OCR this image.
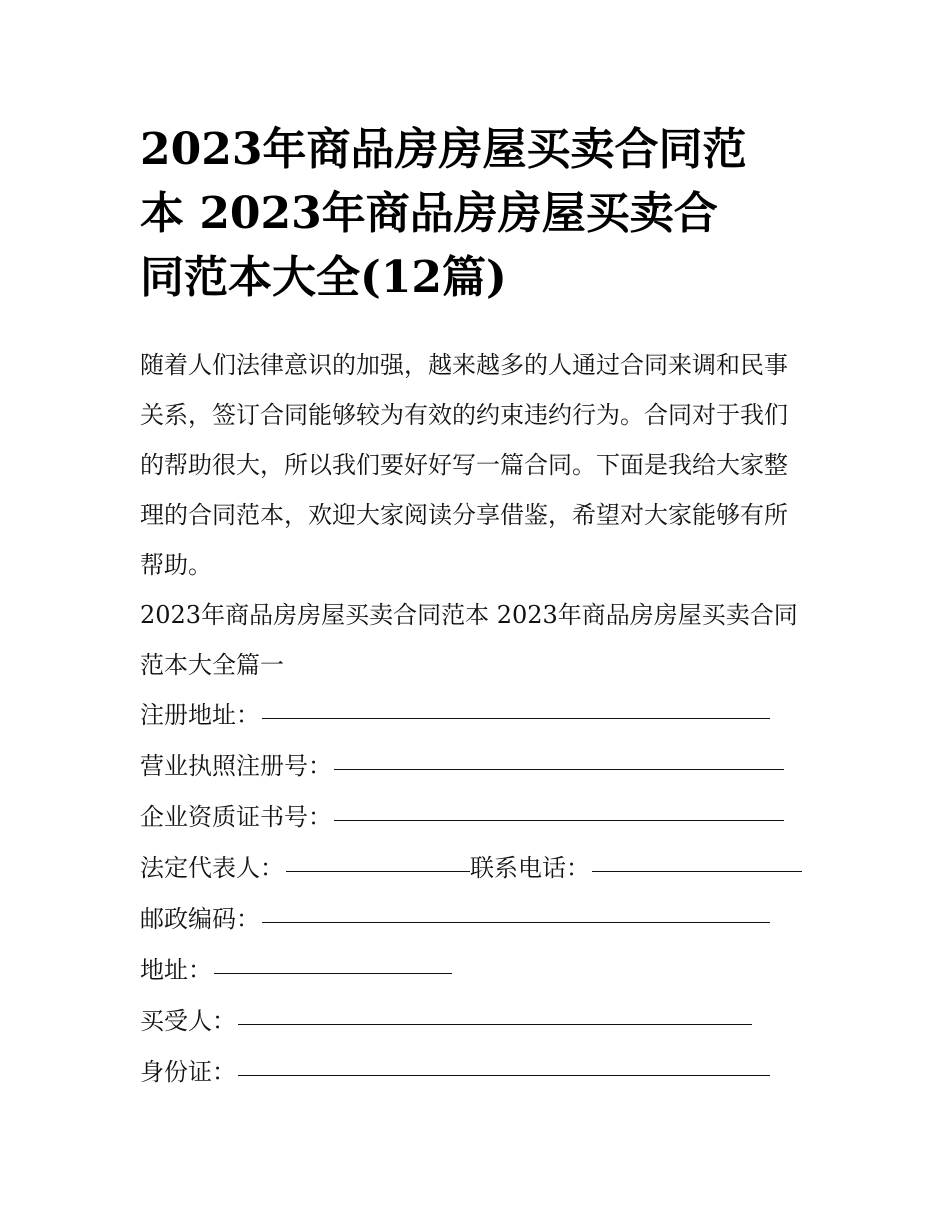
2023年商品房房屋买卖合同范
本 2023年商品房房屋买卖合
同范本大全(12篇)
随着人们法律意识的加强，越来越多的人通过合同来调和民事
关系，签订合同能够较为有效的约束违约行为。合同对于我们
的帮助很大，所以我们要好好写一篇合同。下面是我给大家整
理的合同范本，欢迎大家阅读分享借鉴，希望对大家能够有所
帮助。
2023年商品房房屋买卖合同范本 2023年商品房房屋买卖合同
范本大全篇一
注册地址：
营业执照注册号：
企业资质证书号：
法定代表人：	联系电话：
邮政编码：
地址：
买受人：
身份证：
